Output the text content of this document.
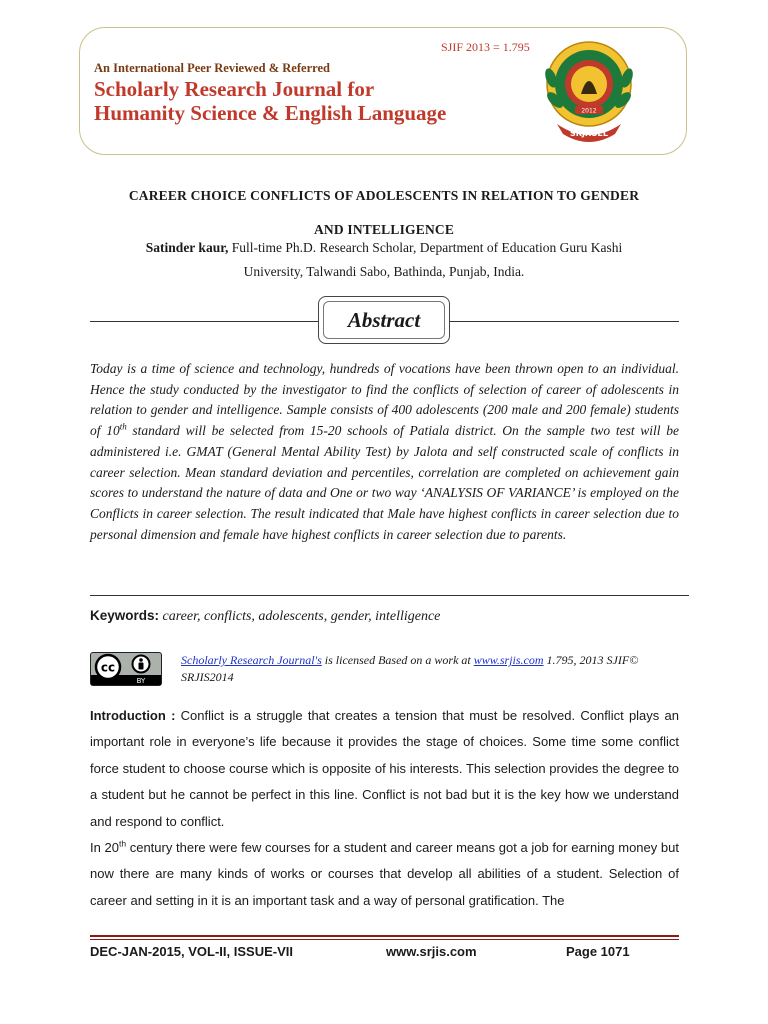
SJIF 2013 = 1.795
An International Peer Reviewed & Referred
Scholarly Research Journal for
Humanity Science & English Language	2012
SRJHSEL
CAREER CHOICE CONFLICTS OF ADOLESCENTS IN RELATION TO GENDER
AND INTELLIGENCE
Satinder kaur, Full-time Ph.D. Research Scholar, Department of Education Guru Kashi
University, Talwandi Sabo, Bathinda, Punjab, India.
Abstract

Today is a time of science and technology, hundreds of vocations have been thrown open to an individual. Hence the study conducted by the investigator to find the conflicts of selection of career of adolescents in relation to gender and intelligence. Sample consists of 400 adolescents (200 male and 200 female) students of 10th standard will be selected from 15-20 schools of Patiala district. On the sample two test will be administered i.e. GMAT (General Mental Ability Test) by Jalota and self constructed scale of conflicts in career selection. Mean standard deviation and percentiles, correlation are completed on achievement gain scores to understand the nature of data and One or two way ‘ANALYSIS OF VARIANCE’ is employed on the Conflicts in career selection. The result indicated that Male have highest conflicts in career selection due to personal dimension and female have highest conflicts in career selection due to parents.

Keywords: career, conflicts, adolescents, gender, intelligence
cc
BY
Scholarly Research Journal's is licensed Based on a work at www.srjis.com 1.795, 2013 SJIF© SRJIS2014

Introduction : Conflict is a struggle that creates a tension that must be resolved. Conflict plays an important role in everyone’s life because it provides the stage of choices. Some time some conflict force student to choose course which is opposite of his interests. This selection provides the degree to a student but he cannot be perfect in this line. Conflict is not bad but it is the key how we understand and respond to conflict.

In 20th century there were few courses for a student and career means got a job for earning money but now there are many kinds of works or courses that develop all abilities of a student. Selection of career and setting in it is an important task and a way of personal gratification. The

DEC-JAN-2015, VOL-II, ISSUE-VII	www.srjis.com	Page 1071
